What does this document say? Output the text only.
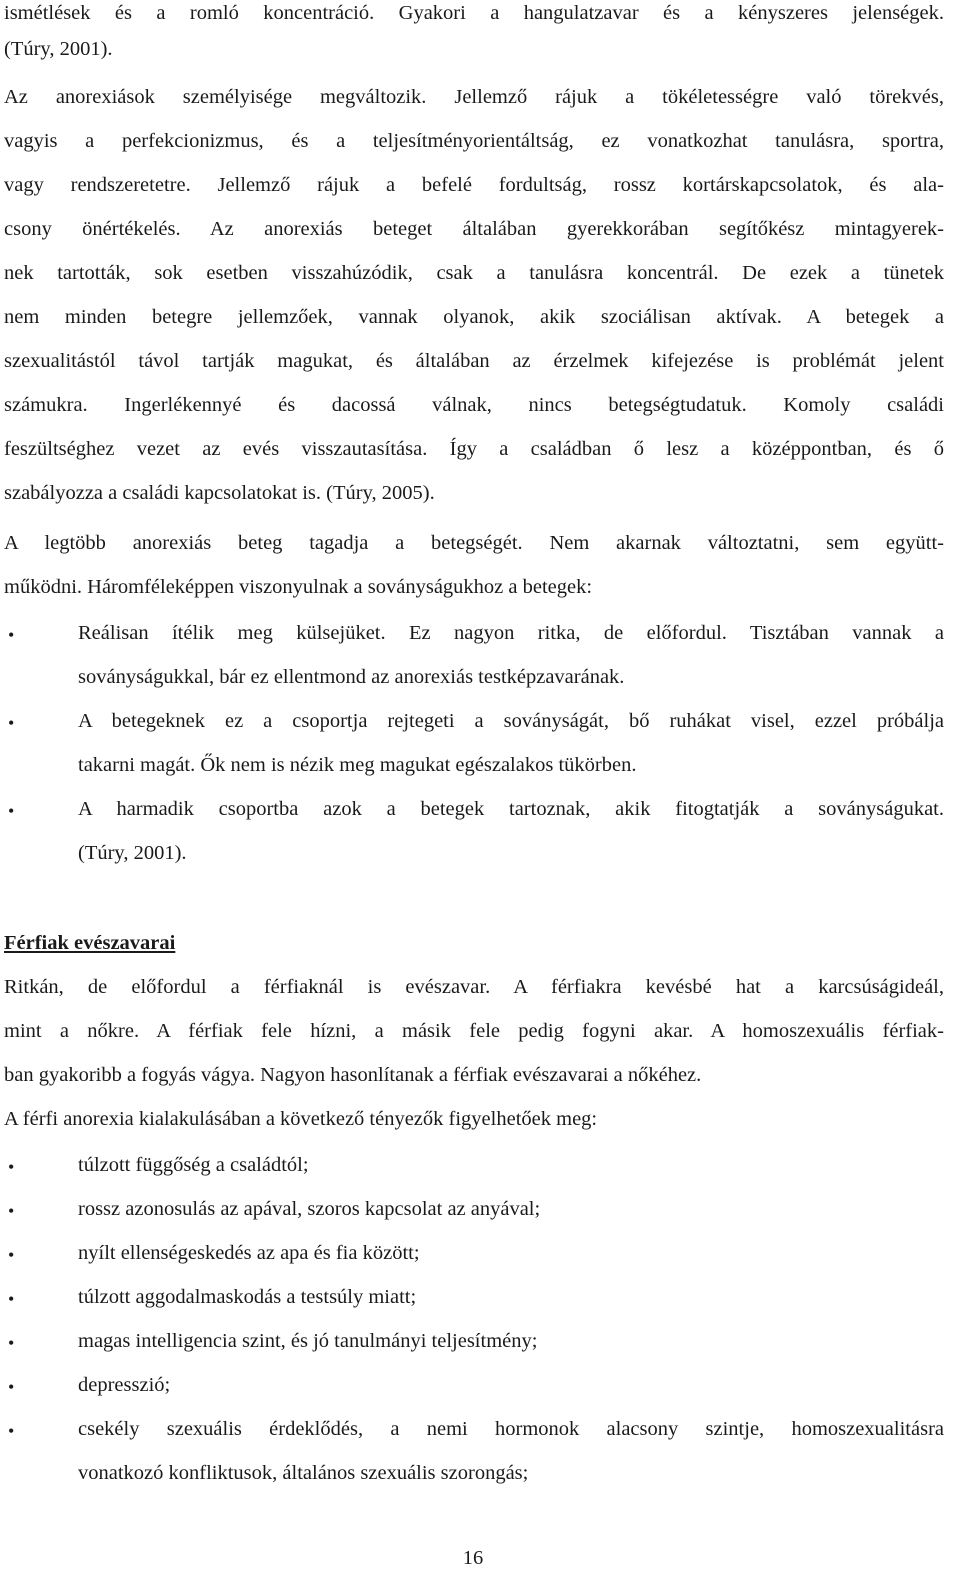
ismétlések és a romló koncentráció. Gyakori a hangulatzavar és a kényszeres jelenségek.
(Túry, 2001).
Az anorexiások személyisége megváltozik. Jellemző rájuk a tökéletességre való törekvés,
vagyis a perfekcionizmus, és a teljesítményorientáltság, ez vonatkozhat tanulásra, sportra,
vagy rendszeretetre. Jellemző rájuk a befelé fordultság, rossz kortárskapcsolatok, és ala-
csony önértékelés. Az anorexiás beteget általában gyerekkorában segítőkész mintagyerek-
nek tartották, sok esetben visszahúzódik, csak a tanulásra koncentrál. De ezek a tünetek
nem minden betegre jellemzőek, vannak olyanok, akik szociálisan aktívak. A betegek a
szexualitástól távol tartják magukat, és általában az érzelmek kifejezése is problémát jelent
számukra. Ingerlékennyé és dacossá válnak, nincs betegségtudatuk. Komoly családi
feszültséghez vezet az evés visszautasítása. Így a családban ő lesz a középpontban, és ő
szabályozza a családi kapcsolatokat is. (Túry, 2005).
A legtöbb anorexiás beteg tagadja a betegségét. Nem akarnak változtatni, sem együtt-
működni. Háromféleképpen viszonyulnak a soványságukhoz a betegek:
•	Reálisan ítélik meg külsejüket. Ez nagyon ritka, de előfordul. Tisztában vannak a
soványságukkal, bár ez ellentmond az anorexiás testképzavarának.
•	A betegeknek ez a csoportja rejtegeti a soványságát, bő ruhákat visel, ezzel próbálja
takarni magát. Ők nem is nézik meg magukat egészalakos tükörben.
•	A harmadik csoportba azok a betegek tartoznak, akik fitogtatják a soványságukat.
(Túry, 2001).
Férfiak evészavarai
Ritkán, de előfordul a férfiaknál is evészavar. A férfiakra kevésbé hat a karcsúságideál,
mint a nőkre. A férfiak fele hízni, a másik fele pedig fogyni akar. A homoszexuális férfiak-
ban gyakoribb a fogyás vágya. Nagyon hasonlítanak a férfiak evészavarai a nőkéhez.
A férfi anorexia kialakulásában a következő tényezők figyelhetőek meg:
•	túlzott függőség a családtól;
•	rossz azonosulás az apával, szoros kapcsolat az anyával;
•	nyílt ellenségeskedés az apa és fia között;
•	túlzott aggodalmaskodás a testsúly miatt;
•	magas intelligencia szint, és jó tanulmányi teljesítmény;
•	depresszió;
•	csekély szexuális érdeklődés, a nemi hormonok alacsony szintje, homoszexualitásra
vonatkozó konfliktusok, általános szexuális szorongás;
16
